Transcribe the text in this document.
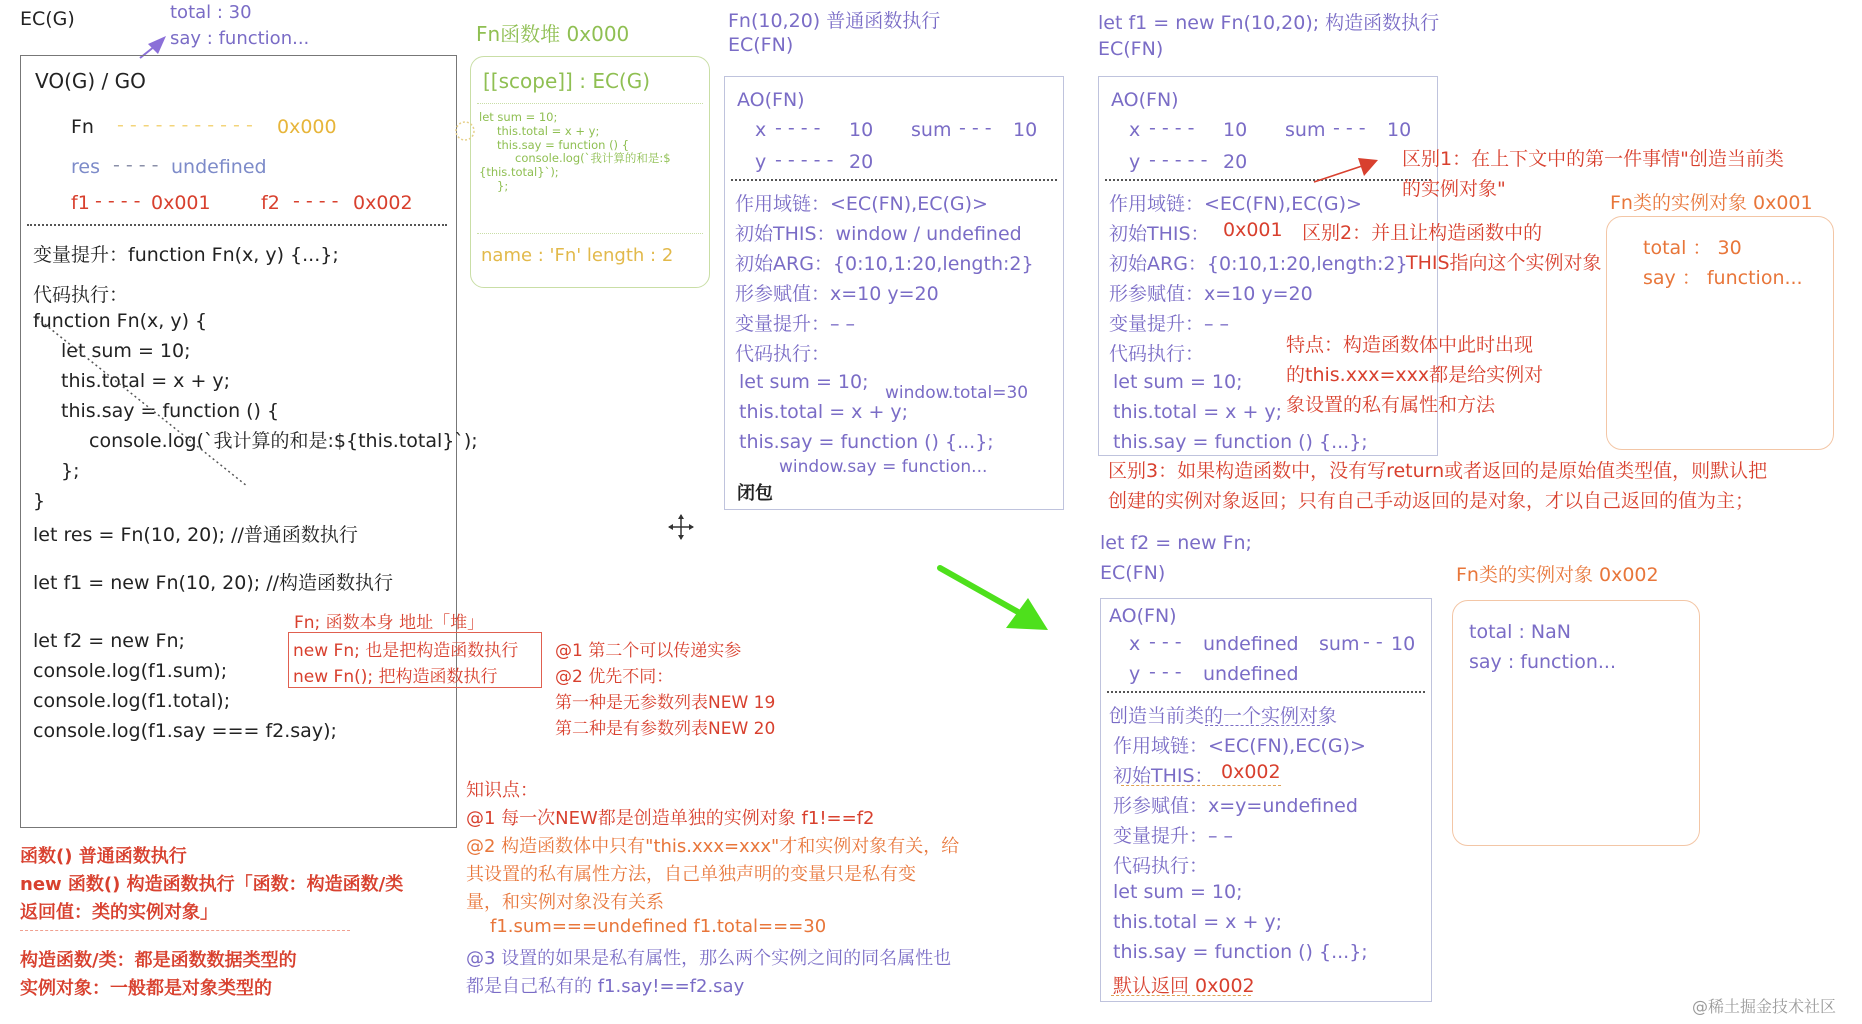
EC(G)	total : 30
say : function...
VO(G) / GO
Fn - - - - - - - - - - - 0x000
res - - - - undefined
f1 - - - - 0x001	f2 - - - - 0x002
变量提升：function Fn(x, y) {...};
代码执行：
function Fn(x, y) {
let sum = 10;
this.total = x + y;
this.say = function () {
console.log(`我计算的和是:${this.total}`);
};
}
let res = Fn(10, 20); //普通函数执行
let f1 = new Fn(10, 20); //构造函数执行
let f2 = new Fn;
console.log(f1.sum);
console.log(f1.total);
console.log(f1.say === f2.say);
Fn; 函数本身 地址「堆」
new Fn; 也是把构造函数执行
new Fn(); 把构造函数执行
@1 第二个可以传递实参
@2 优先不同：
第一种是无参数列表NEW 19
第二种是有参数列表NEW 20
函数() 普通函数执行
new 函数() 构造函数执行「函数：构造函数/类
返回值：类的实例对象」
构造函数/类：都是函数数据类型的
实例对象：一般都是对象类型的
Fn函数堆 0x000
[[scope]] : EC(G)
let sum = 10;
this.total = x + y;
this.say = function () {
console.log(`我计算的和是:$
{this.total}`);
};
name : 'Fn' length : 2
知识点：
@1 每一次NEW都是创造单独的实例对象 f1!==f2
@2 构造函数体中只有"this.xxx=xxx"才和实例对象有关，给
其设置的私有属性方法，自己单独声明的变量只是私有变
量，和实例对象没有关系
f1.sum===undefined f1.total===30
@3 设置的如果是私有属性，那么两个实例之间的同名属性也
都是自己私有的 f1.say!==f2.say
Fn(10,20) 普通函数执行
EC(FN)
AO(FN)
x - - - - 10 sum - - - 10
y - - - - - 20
作用域链：<EC(FN),EC(G)>
初始THIS：window / undefined
初始ARG：{0:10,1:20,length:2}
形参赋值：x=10 y=20
变量提升：– –
代码执行：
let sum = 10; window.total=30
this.total = x + y;
this.say = function () {...};
window.say = function...
闭包
let f1 = new Fn(10,20); 构造函数执行
EC(FN)
AO(FN)
x - - - - 10 sum - - - 10
y - - - - - 20
作用域链：<EC(FN),EC(G)>
初始THIS： 0x001
初始ARG：{0:10,1:20,length:2}
形参赋值：x=10 y=20
变量提升：– –
代码执行：
let sum = 10;
this.total = x + y;
this.say = function () {...};
区别1：在上下文中的第一件事情"创造当前类
的实例对象"
区别2：并且让构造函数中的
THIS指向这个实例对象
特点：构造函数体中此时出现
的this.xxx=xxx都是给实例对
象设置的私有属性和方法
区别3：如果构造函数中，没有写return或者返回的是原始值类型值，则默认把
创建的实例对象返回；只有自己手动返回的是对象，才以自己返回的值为主；
Fn类的实例对象 0x001
total ： 30
say ： function...
let f2 = new Fn;
EC(FN)
AO(FN)
x - - - undefined sum - - 10
y - - - undefined
创造当前类的一个实例对象
作用域链：<EC(FN),EC(G)>
初始THIS： 0x002
形参赋值：x=y=undefined
变量提升：– –
代码执行：
let sum = 10;
this.total = x + y;
this.say = function () {...};
默认返回 0x002
Fn类的实例对象 0x002
total : NaN
say : function...
@稀土掘金技术社区
